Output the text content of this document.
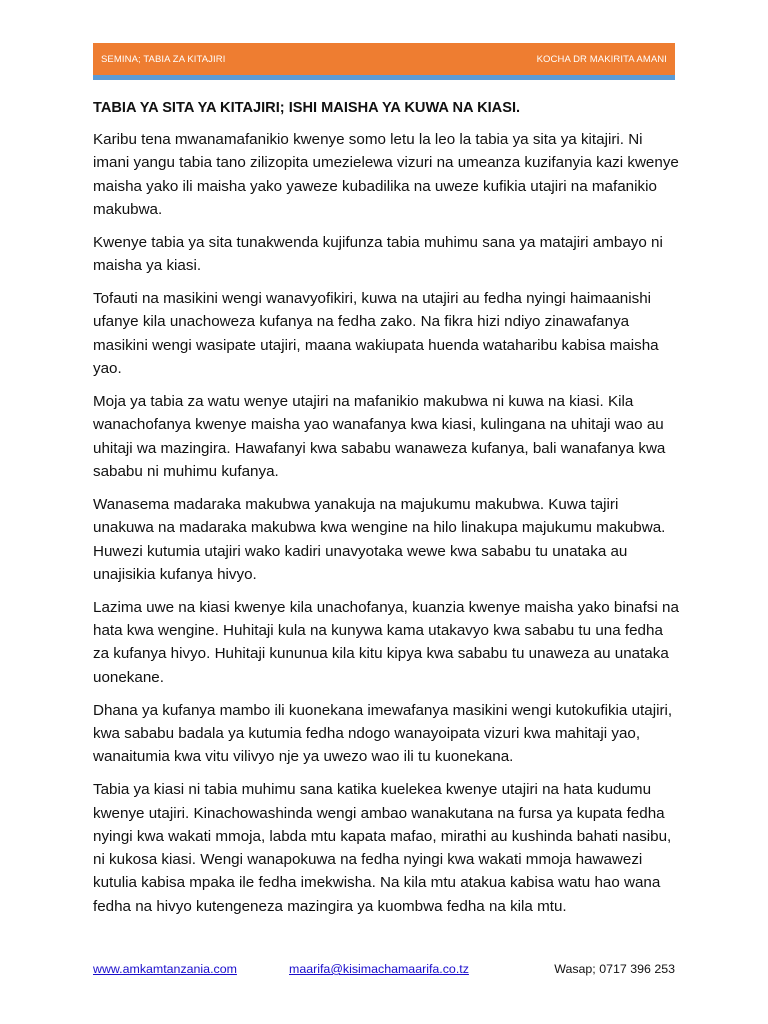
SEMINA; TABIA ZA KITAJIRI	KOCHA DR MAKIRITA AMANI
TABIA YA SITA YA KITAJIRI; ISHI MAISHA YA KUWA NA KIASI.

Karibu tena mwanamafanikio kwenye somo letu la leo la tabia ya sita ya kitajiri. Ni imani yangu tabia tano zilizopita umezielewa vizuri na umeanza kuzifanyia kazi kwenye maisha yako ili maisha yako yaweze kubadilika na uweze kufikia utajiri na mafanikio makubwa.

Kwenye tabia ya sita tunakwenda kujifunza tabia muhimu sana ya matajiri ambayo ni maisha ya kiasi.

Tofauti na masikini wengi wanavyofikiri, kuwa na utajiri au fedha nyingi haimaanishi ufanye kila unachoweza kufanya na fedha zako. Na fikra hizi ndiyo zinawafanya masikini wengi wasipate utajiri, maana wakiupata huenda wataharibu kabisa maisha yao.

Moja ya tabia za watu wenye utajiri na mafanikio makubwa ni kuwa na kiasi. Kila wanachofanya kwenye maisha yao wanafanya kwa kiasi, kulingana na uhitaji wao au uhitaji wa mazingira. Hawafanyi kwa sababu wanaweza kufanya, bali wanafanya kwa sababu ni muhimu kufanya.

Wanasema madaraka makubwa yanakuja na majukumu makubwa. Kuwa tajiri unakuwa na madaraka makubwa kwa wengine na hilo linakupa majukumu makubwa. Huwezi kutumia utajiri wako kadiri unavyotaka wewe kwa sababu tu unataka au unajisikia kufanya hivyo.

Lazima uwe na kiasi kwenye kila unachofanya, kuanzia kwenye maisha yako binafsi na hata kwa wengine. Huhitaji kula na kunywa kama utakavyo kwa sababu tu una fedha za kufanya hivyo. Huhitaji kununua kila kitu kipya kwa sababu tu unaweza au unataka uonekane.

Dhana ya kufanya mambo ili kuonekana imewafanya masikini wengi kutokufikia utajiri, kwa sababu badala ya kutumia fedha ndogo wanayoipata vizuri kwa mahitaji yao, wanaitumia kwa vitu vilivyo nje ya uwezo wao ili tu kuonekana.

Tabia ya kiasi ni tabia muhimu sana katika kuelekea kwenye utajiri na hata kudumu kwenye utajiri. Kinachowashinda wengi ambao wanakutana na fursa ya kupata fedha nyingi kwa wakati mmoja, labda mtu kapata mafao, mirathi au kushinda bahati nasibu, ni kukosa kiasi. Wengi wanapokuwa na fedha nyingi kwa wakati mmoja hawawezi kutulia kabisa mpaka ile fedha imekwisha. Na kila mtu atakua kabisa watu hao wana fedha na hivyo kutengeneza mazingira ya kuombwa fedha na kila mtu.

www.amkamtanzania.com	maarifa@kisimachamaarifa.co.tz	Wasap; 0717 396 253
